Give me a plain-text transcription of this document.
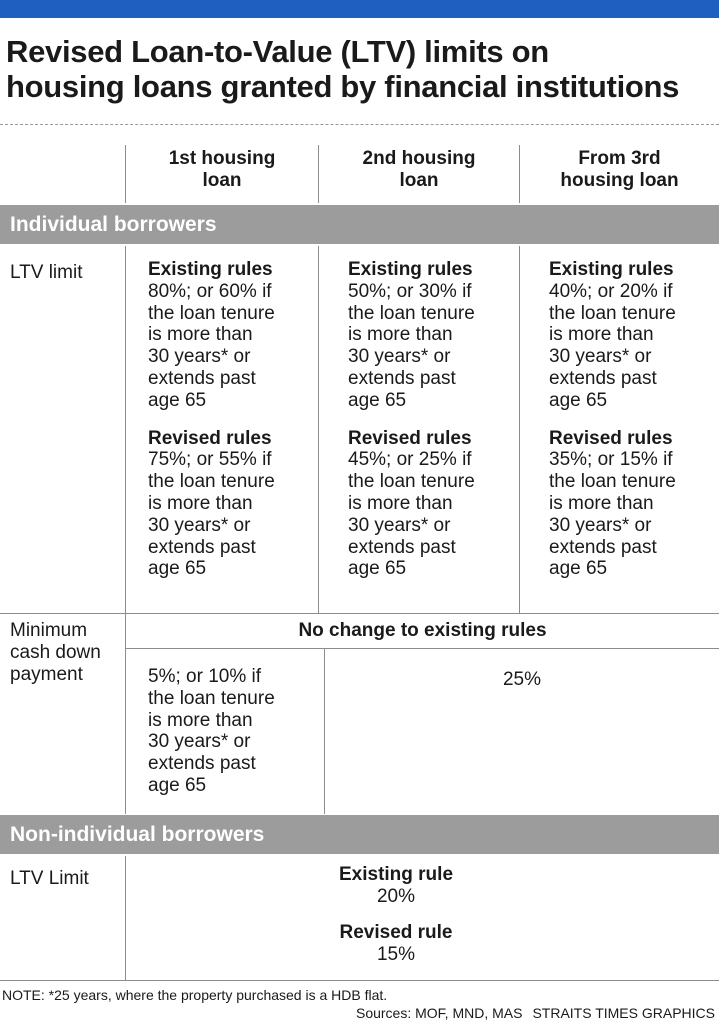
Revised Loan-to-Value (LTV) limits on
housing loans granted by financial institutions
1st housing
loan
2nd housing
loan
From 3rd
housing loan
Individual borrowers
LTV limit	Existing rules
80%; or 60% if
the loan tenure
is more than
30 years* or
extends past
age 65
Revised rules
75%; or 55% if
the loan tenure
is more than
30 years* or
extends past
age 65
Existing rules
50%; or 30% if
the loan tenure
is more than
30 years* or
extends past
age 65
Revised rules
45%; or 25% if
the loan tenure
is more than
30 years* or
extends past
age 65
Existing rules
40%; or 20% if
the loan tenure
is more than
30 years* or
extends past
age 65
Revised rules
35%; or 15% if
the loan tenure
is more than
30 years* or
extends past
age 65
Minimum
cash down
payment
No change to existing rules
5%; or 10% if
the loan tenure
is more than
30 years* or
extends past
age 65
25%
Non-individual borrowers
LTV Limit	Existing rule
20%
Revised rule
15%
NOTE: *25 years, where the property purchased is a HDB flat.
Sources: MOF, MND, MAS STRAITS TIMES GRAPHICS
